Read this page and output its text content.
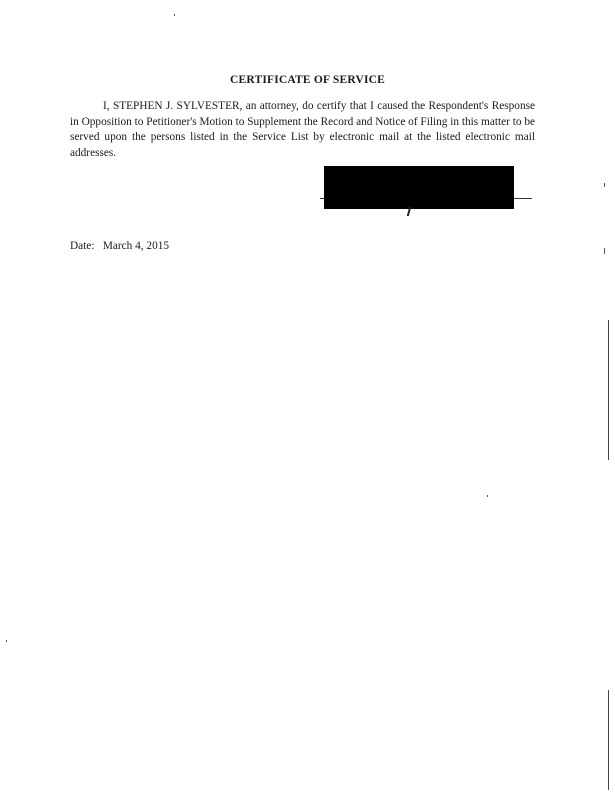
CERTIFICATE OF SERVICE
I, STEPHEN J. SYLVESTER, an attorney, do certify that I caused the Respondent's Response in Opposition to Petitioner's Motion to Supplement the Record and Notice of Filing in this matter to be served upon the persons listed in the Service List by electronic mail at the listed electronic mail addresses.
Date: March 4, 2015
